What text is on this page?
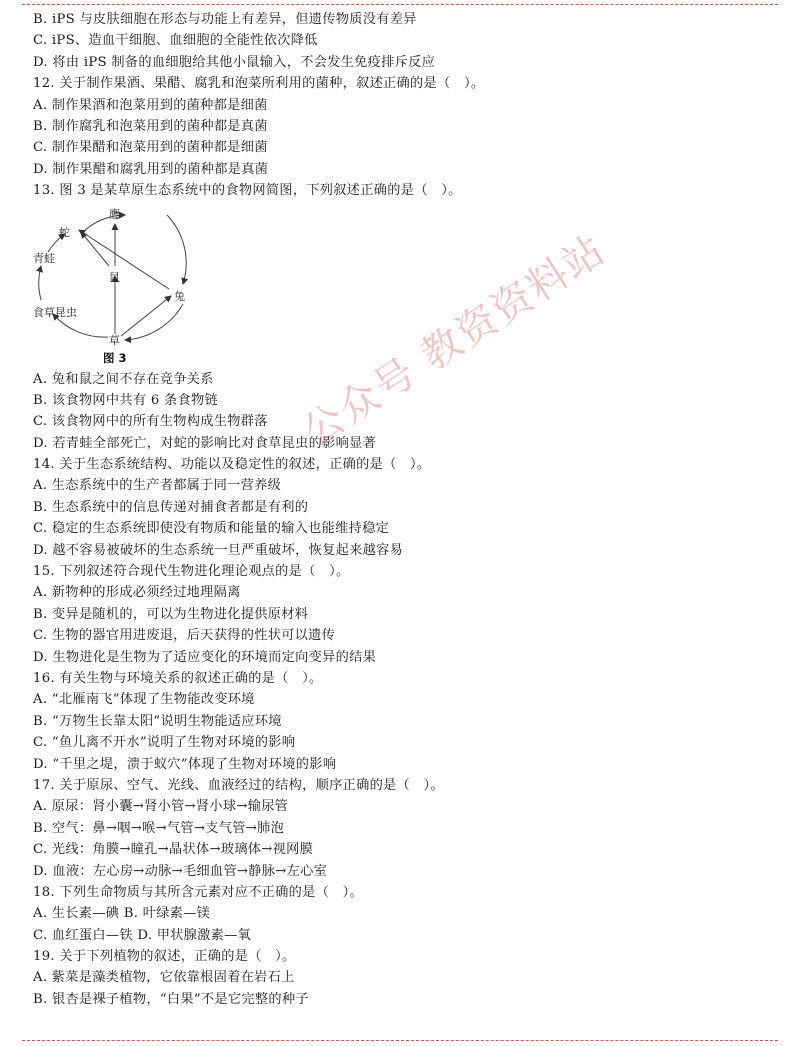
B. iPS 与皮肤细胞在形态与功能上有差异，但遗传物质没有差异
C. iPS、造血干细胞、血细胞的全能性依次降低
D. 将由 iPS 制备的血细胞给其他小鼠输入，不会发生免疫排斥反应
12. 关于制作果酒、果醋、腐乳和泡菜所利用的菌种，叙述正确的是（　）。
A. 制作果酒和泡菜用到的菌种都是细菌
B. 制作腐乳和泡菜用到的菌种都是真菌
C. 制作果醋和泡菜用到的菌种都是细菌
D. 制作果醋和腐乳用到的菌种都是真菌
13. 图 3 是某草原生态系统中的食物网简图，下列叙述正确的是（　）。
鹰
蛇
青蛙
鼠
兔
食草昆虫
草
图 3
A. 兔和鼠之间不存在竞争关系
B. 该食物网中共有 6 条食物链
C. 该食物网中的所有生物构成生物群落
D. 若青蛙全部死亡，对蛇的影响比对食草昆虫的影响显著
14. 关于生态系统结构、功能以及稳定性的叙述，正确的是（　）。
A. 生态系统中的生产者都属于同一营养级
B. 生态系统中的信息传递对捕食者都是有利的
C. 稳定的生态系统即使没有物质和能量的输入也能维持稳定
D. 越不容易被破坏的生态系统一旦严重破坏，恢复起来越容易
15. 下列叙述符合现代生物进化理论观点的是（　）。
A. 新物种的形成必须经过地理隔离
B. 变异是随机的，可以为生物进化提供原材料
C. 生物的器官用进废退，后天获得的性状可以遗传
D. 生物进化是生物为了适应变化的环境而定向变异的结果
16. 有关生物与环境关系的叙述正确的是（　）。
A. “北雁南飞”体现了生物能改变环境
B. “万物生长靠太阳”说明生物能适应环境
C. “鱼儿离不开水”说明了生物对环境的影响
D. “千里之堤，溃于蚁穴”体现了生物对环境的影响
17. 关于原尿、空气、光线、血液经过的结构，顺序正确的是（　）。
A. 原尿：肾小囊→肾小管→肾小球→输尿管
B. 空气：鼻→咽→喉→气管→支气管→肺泡
C. 光线：角膜→瞳孔→晶状体→玻璃体→视网膜
D. 血液：左心房→动脉→毛细血管→静脉→左心室
18. 下列生命物质与其所含元素对应不正确的是（　）。
A. 生长素—碘 B. 叶绿素—镁
C. 血红蛋白—铁 D. 甲状腺激素—氧
19. 关于下列植物的叙述，正确的是（　）。
A. 紫菜是藻类植物，它依靠根固着在岩石上
B. 银杏是裸子植物，“白果”不是它完整的种子
公众号 教资资料站
